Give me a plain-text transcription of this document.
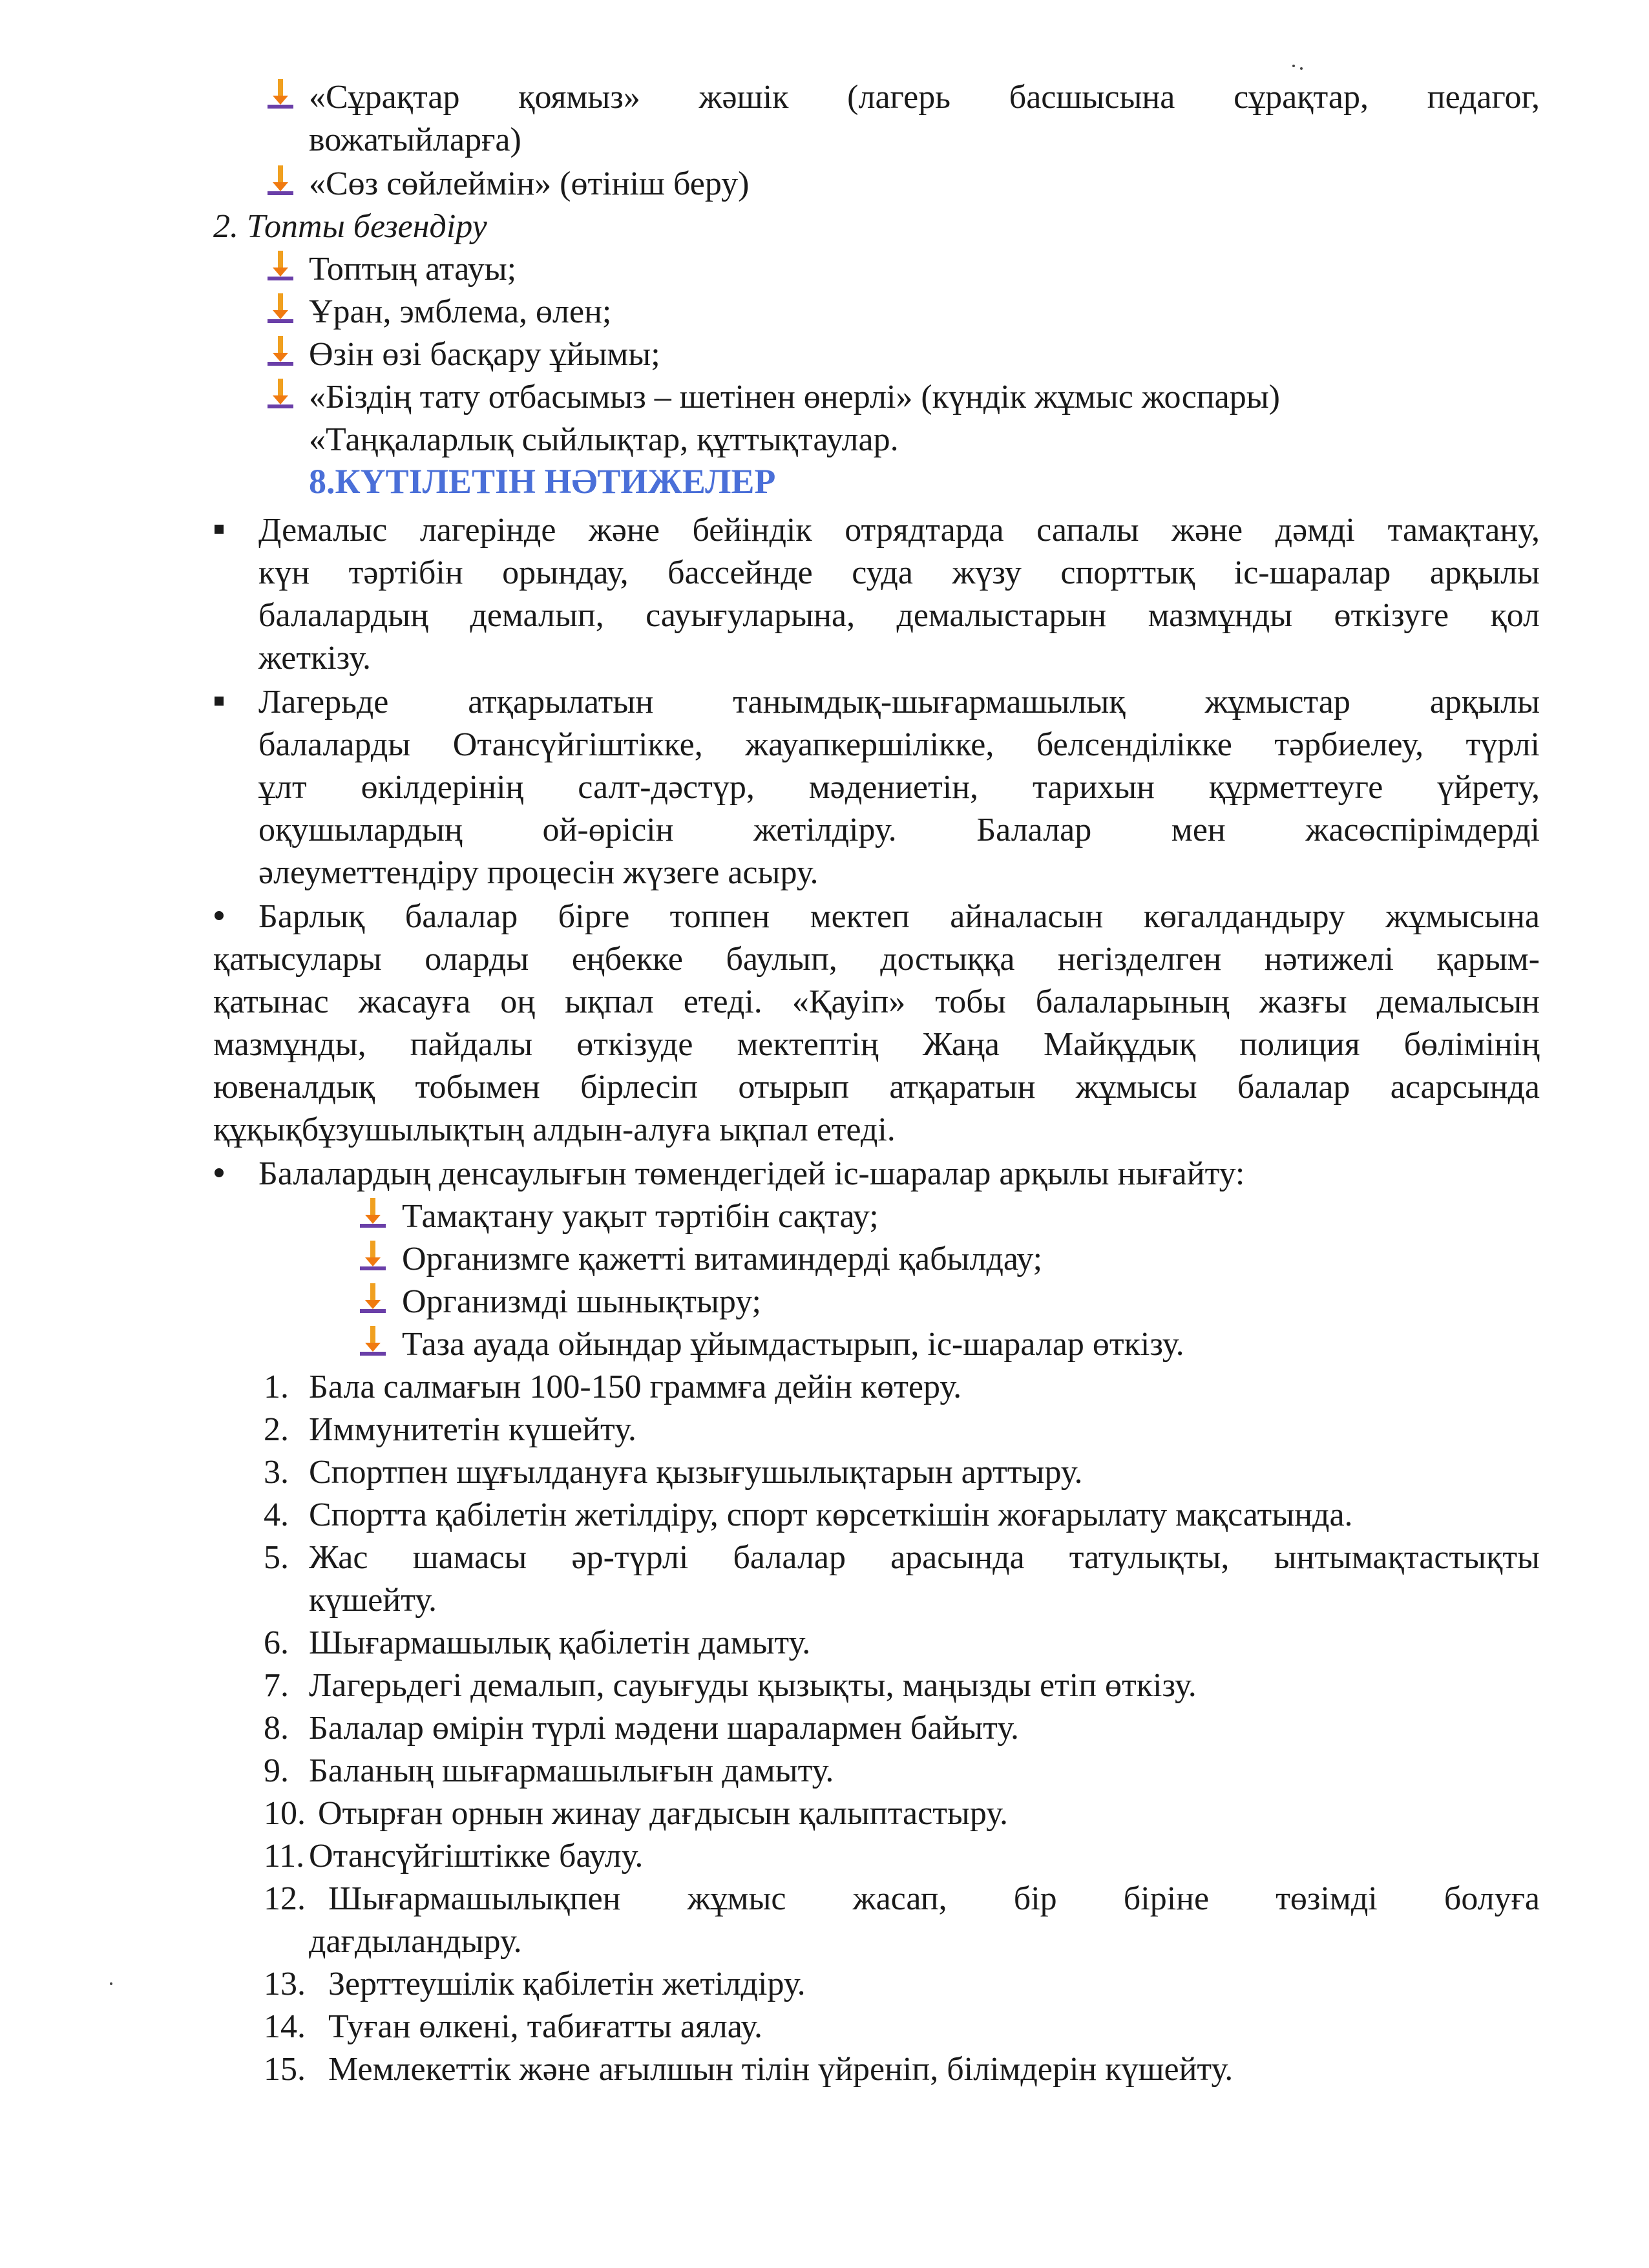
«Сұрақтар қоямыз» жәшік (лагерь басшысына сұрақтар, педагог,
вожатыйларға)
«Сөз сөйлеймін» (өтініш беру)
2. Топты безендіру
Топтың атауы;
Ұран, эмблема, өлен;
Өзін өзі басқару ұйымы;
«Біздің тату отбасымыз – шетінен өнерлі» (күндік жұмыс жоспары)
«Таңқаларлық сыйлықтар, құттықтаулар.
8.КҮТІЛЕТІН НӘТИЖЕЛЕР
Демалыс лагерінде және бейіндік отрядтарда сапалы және дәмді тамақтану,
күн тәртібін орындау, бассейнде суда жүзу спорттық іс-шаралар арқылы
балалардың демалып, сауығуларына, демалыстарын мазмұнды өткізуге қол
жеткізу.
Лагерьде атқарылатын танымдық-шығармашылық жұмыстар арқылы
балаларды Отансүйгіштікке, жауапкершілікке, белсенділікке тәрбиелеу, түрлі
ұлт өкілдерінің салт-дәстүр, мәдениетін, тарихын құрметтеуге үйрету,
оқушылардың ой-өрісін жетілдіру. Балалар мен жасөспірімдерді
әлеуметтендіру процесін жүзеге асыру.
Барлық балалар бірге топпен мектеп айналасын көгалдандыру жұмысына
қатысулары оларды еңбекке баулып, достыққа негізделген нәтижелі қарым-
қатынас жасауға оң ықпал етеді. «Қауіп» тобы балаларының жазғы демалысын
мазмұнды, пайдалы өткізуде мектептің Жаңа Майқұдық полиция бөлімінің
ювеналдық тобымен бірлесіп отырып атқаратын жұмысы балалар асарсында
құқықбұзушылықтың алдын-алуға ықпал етеді.
Балалардың денсаулығын төмендегідей іс-шаралар арқылы нығайту:
Тамақтану уақыт тәртібін сақтау;
Организмге қажетті витаминдерді қабылдау;
Организмді шынықтыру;
Таза ауада ойындар ұйымдастырып, іс-шаралар өткізу.
1. Бала салмағын 100-150 граммға дейін көтеру.
2. Иммунитетін күшейту.
3. Спортпен шұғылдануға қызығушылықтарын арттыру.
4. Спортта қабілетін жетілдіру, спорт көрсеткішін жоғарылату мақсатында.
5. Жас шамасы әр-түрлі балалар арасында татулықты, ынтымақтастықты
күшейту.
6. Шығармашылық қабілетін дамыту.
7. Лагерьдегі демалып, сауығуды қызықты, маңызды етіп өткізу.
8. Балалар өмірін түрлі мәдени шаралармен байыту.
9. Баланың шығармашылығын дамыту.
10. Отырған орнын жинау дағдысын қалыптастыру.
11. Отансүйгіштікке баулу.
12. Шығармашылықпен жұмыс жасап, бір біріне төзімді болуға
дағдыландыру.
13. Зерттеушілік қабілетін жетілдіру.
14. Туған өлкені, табиғатты аялау.
15. Мемлекеттік және ағылшын тілін үйреніп, білімдерін күшейту.
